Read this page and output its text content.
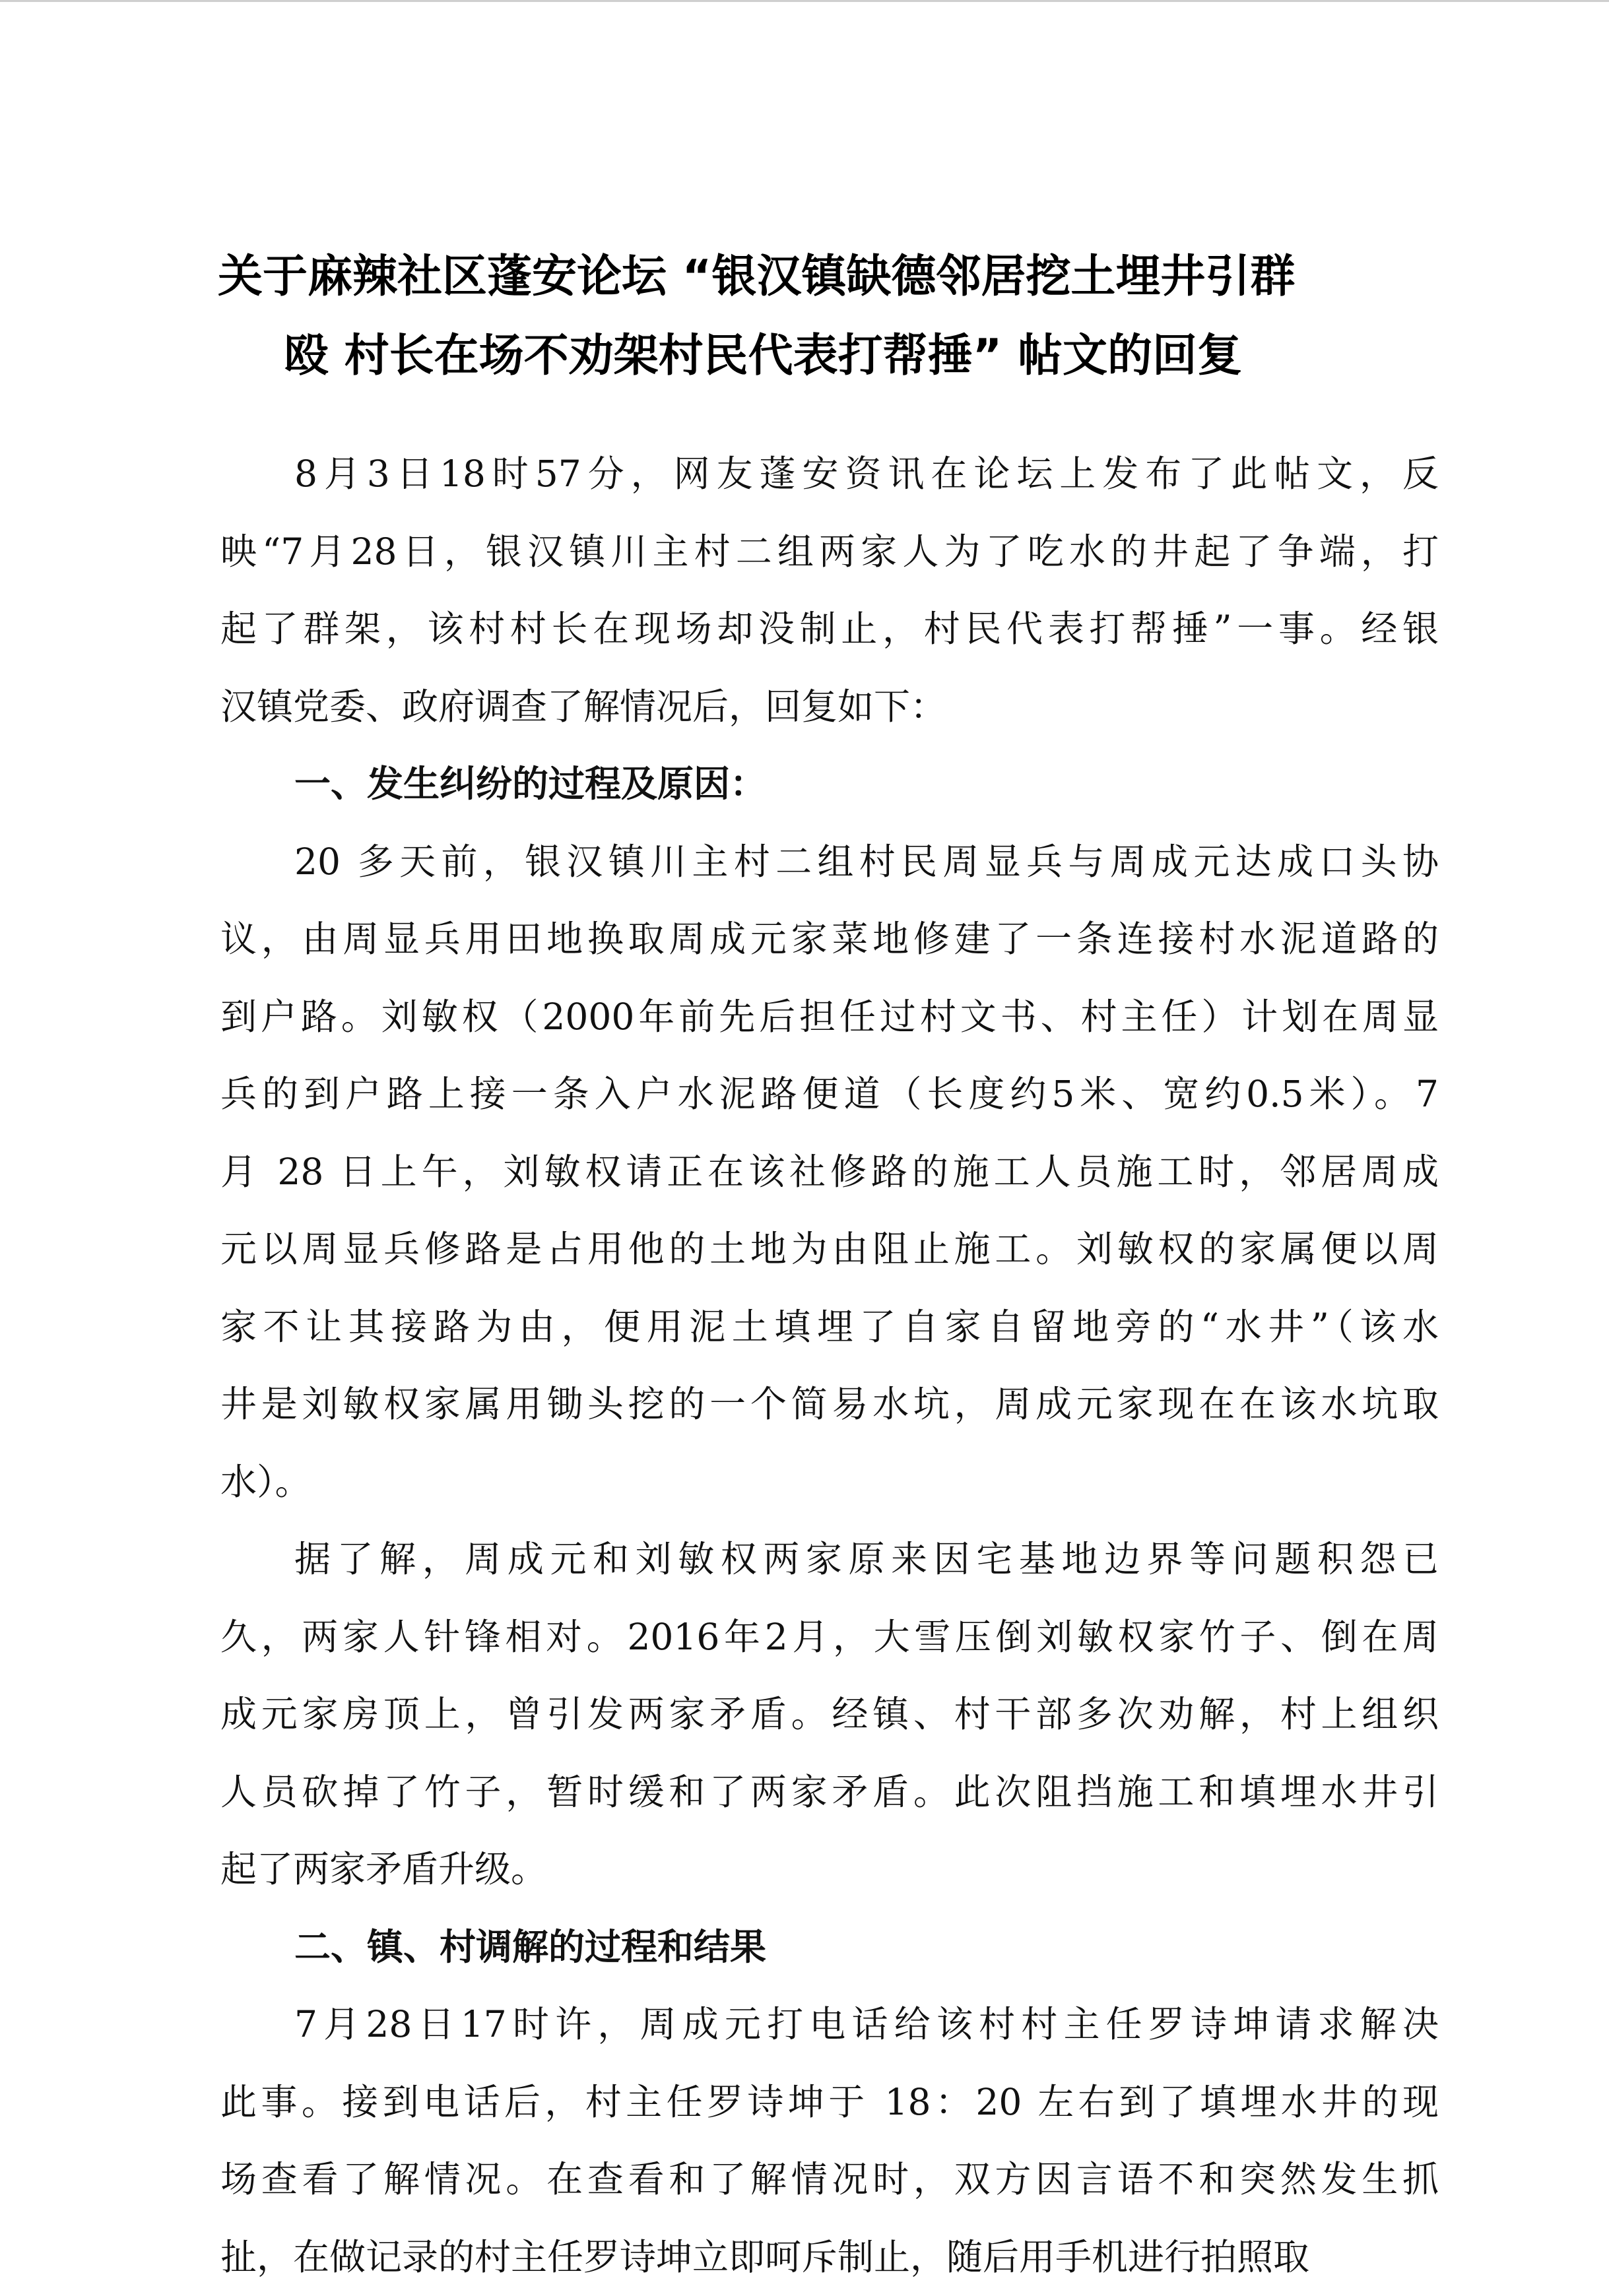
关于麻辣社区蓬安论坛 “银汉镇缺德邻居挖土埋井引群
殴 村长在场不劝架村民代表打帮捶” 帖文的回复
8月3日18时57分，网友蓬安资讯在论坛上发布了此帖文，反
映“7月28日，银汉镇川主村二组两家人为了吃水的井起了争端，打
起了群架，该村村长在现场却没制止，村民代表打帮捶”一事。经银
汉镇党委、政府调查了解情况后，回复如下：
一、发生纠纷的过程及原因：
20 多天前，银汉镇川主村二组村民周显兵与周成元达成口头协
议，由周显兵用田地换取周成元家菜地修建了一条连接村水泥道路的
到户路。刘敏权（2000年前先后担任过村文书、村主任）计划在周显
兵的到户路上接一条入户水泥路便道（长度约5米、宽约0.5米）。7
月 28 日上午，刘敏权请正在该社修路的施工人员施工时，邻居周成
元以周显兵修路是占用他的土地为由阻止施工。刘敏权的家属便以周
家不让其接路为由，便用泥土填埋了自家自留地旁的“水井”（该水
井是刘敏权家属用锄头挖的一个简易水坑，周成元家现在在该水坑取
水）。
据了解，周成元和刘敏权两家原来因宅基地边界等问题积怨已
久，两家人针锋相对。2016年2月，大雪压倒刘敏权家竹子、倒在周
成元家房顶上，曾引发两家矛盾。经镇、村干部多次劝解，村上组织
人员砍掉了竹子，暂时缓和了两家矛盾。此次阻挡施工和填埋水井引
起了两家矛盾升级。
二、镇、村调解的过程和结果
7月28日17时许，周成元打电话给该村村主任罗诗坤请求解决
此事。接到电话后，村主任罗诗坤于 18：20 左右到了填埋水井的现
场查看了解情况。在查看和了解情况时，双方因言语不和突然发生抓
扯，在做记录的村主任罗诗坤立即呵斥制止，随后用手机进行拍照取
